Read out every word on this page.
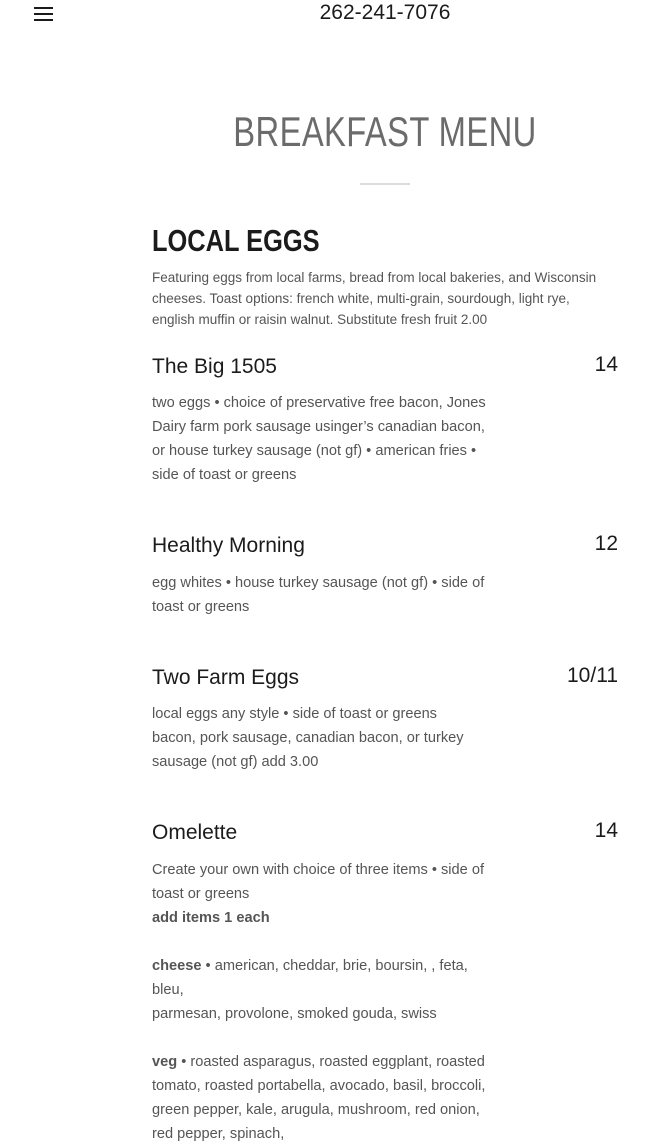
262-241-7076
BREAKFAST MENU
LOCAL EGGS
Featuring eggs from local farms, bread from local bakeries, and Wisconsin cheeses. Toast options: french white, multi-grain, sourdough, light rye, english muffin or raisin walnut. Substitute fresh fruit 2.00
The Big 1505	14
two eggs • choice of preservative free bacon, Jones Dairy farm pork sausage usinger’s canadian bacon, or house turkey sausage (not gf) • american fries • side of toast or greens
Healthy Morning	12
egg whites • house turkey sausage (not gf) • side of toast or greens
Two Farm Eggs	10/11

local eggs any style • side of toast or greens

bacon, pork sausage, canadian bacon, or turkey sausage (not gf) add 3.00

Omelette	14

Create your own with choice of three items • side of toast or greens

add items 1 each

cheese • american, cheddar, brie, boursin, , feta, bleu,

parmesan, provolone, smoked gouda, swiss

veg • roasted asparagus, roasted eggplant, roasted tomato, roasted portabella, avocado, basil, broccoli, green pepper, kale, arugula, mushroom, red onion, red pepper, spinach,
